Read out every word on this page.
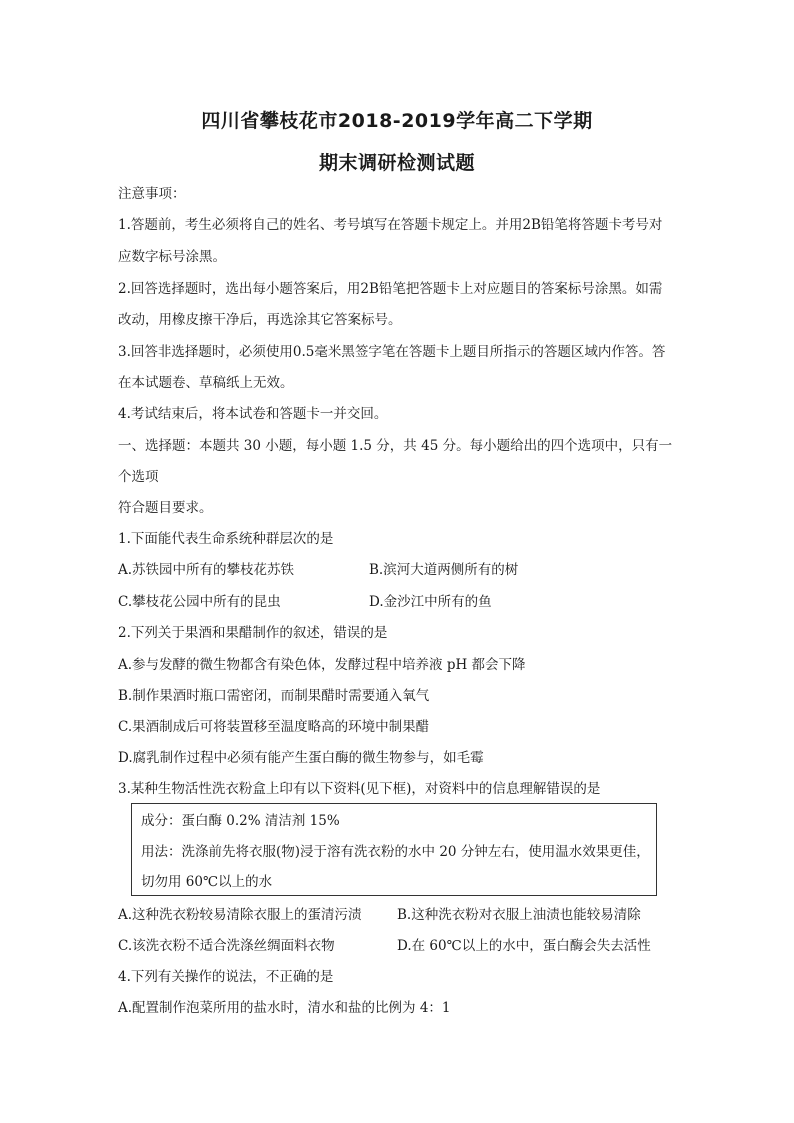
四川省攀枝花市2018-2019学年高二下学期
期末调研检测试题
注意事项：
1.答题前，考生必须将自己的姓名、考号填写在答题卡规定上。并用2B铅笔将答题卡考号对
应数字标号涂黑。
2.回答选择题时，选出每小题答案后，用2B铅笔把答题卡上对应题目的答案标号涂黑。如需
改动，用橡皮擦干净后，再选涂其它答案标号。
3.回答非选择题时，必须使用0.5毫米黑签字笔在答题卡上题目所指示的答题区域内作答。答
在本试题卷、草稿纸上无效。
4.考试结束后，将本试卷和答题卡一并交回。
一、选择题：本题共 30 小题，每小题 1.5 分，共 45 分。每小题给出的四个选项中，只有一
个选项
符合题目要求。
1.下面能代表生命系统种群层次的是
A.苏铁园中所有的攀枝花苏铁	B.滨河大道两侧所有的树
C.攀枝花公园中所有的昆虫	D.金沙江中所有的鱼
2.下列关于果酒和果醋制作的叙述，错误的是
A.参与发酵的微生物都含有染色体，发酵过程中培养液 pH 都会下降
B.制作果酒时瓶口需密闭，而制果醋时需要通入氧气
C.果酒制成后可将装置移至温度略高的环境中制果醋
D.腐乳制作过程中必须有能产生蛋白酶的微生物参与，如毛霉
3.某种生物活性洗衣粉盒上印有以下资料(见下框)，对资料中的信息理解错误的是
成分：蛋白酶 0.2% 清洁剂 15%
用法：洗涤前先将衣服(物)浸于溶有洗衣粉的水中 20 分钟左右，使用温水效果更佳，
切勿用 60℃以上的水
A.这种洗衣粉较易清除衣服上的蛋清污渍	B.这种洗衣粉对衣服上油渍也能较易清除
C.该洗衣粉不适合洗涤丝绸面料衣物	D.在 60℃以上的水中，蛋白酶会失去活性
4.下列有关操作的说法，不正确的是
A.配置制作泡菜所用的盐水时，清水和盐的比例为 4：1
